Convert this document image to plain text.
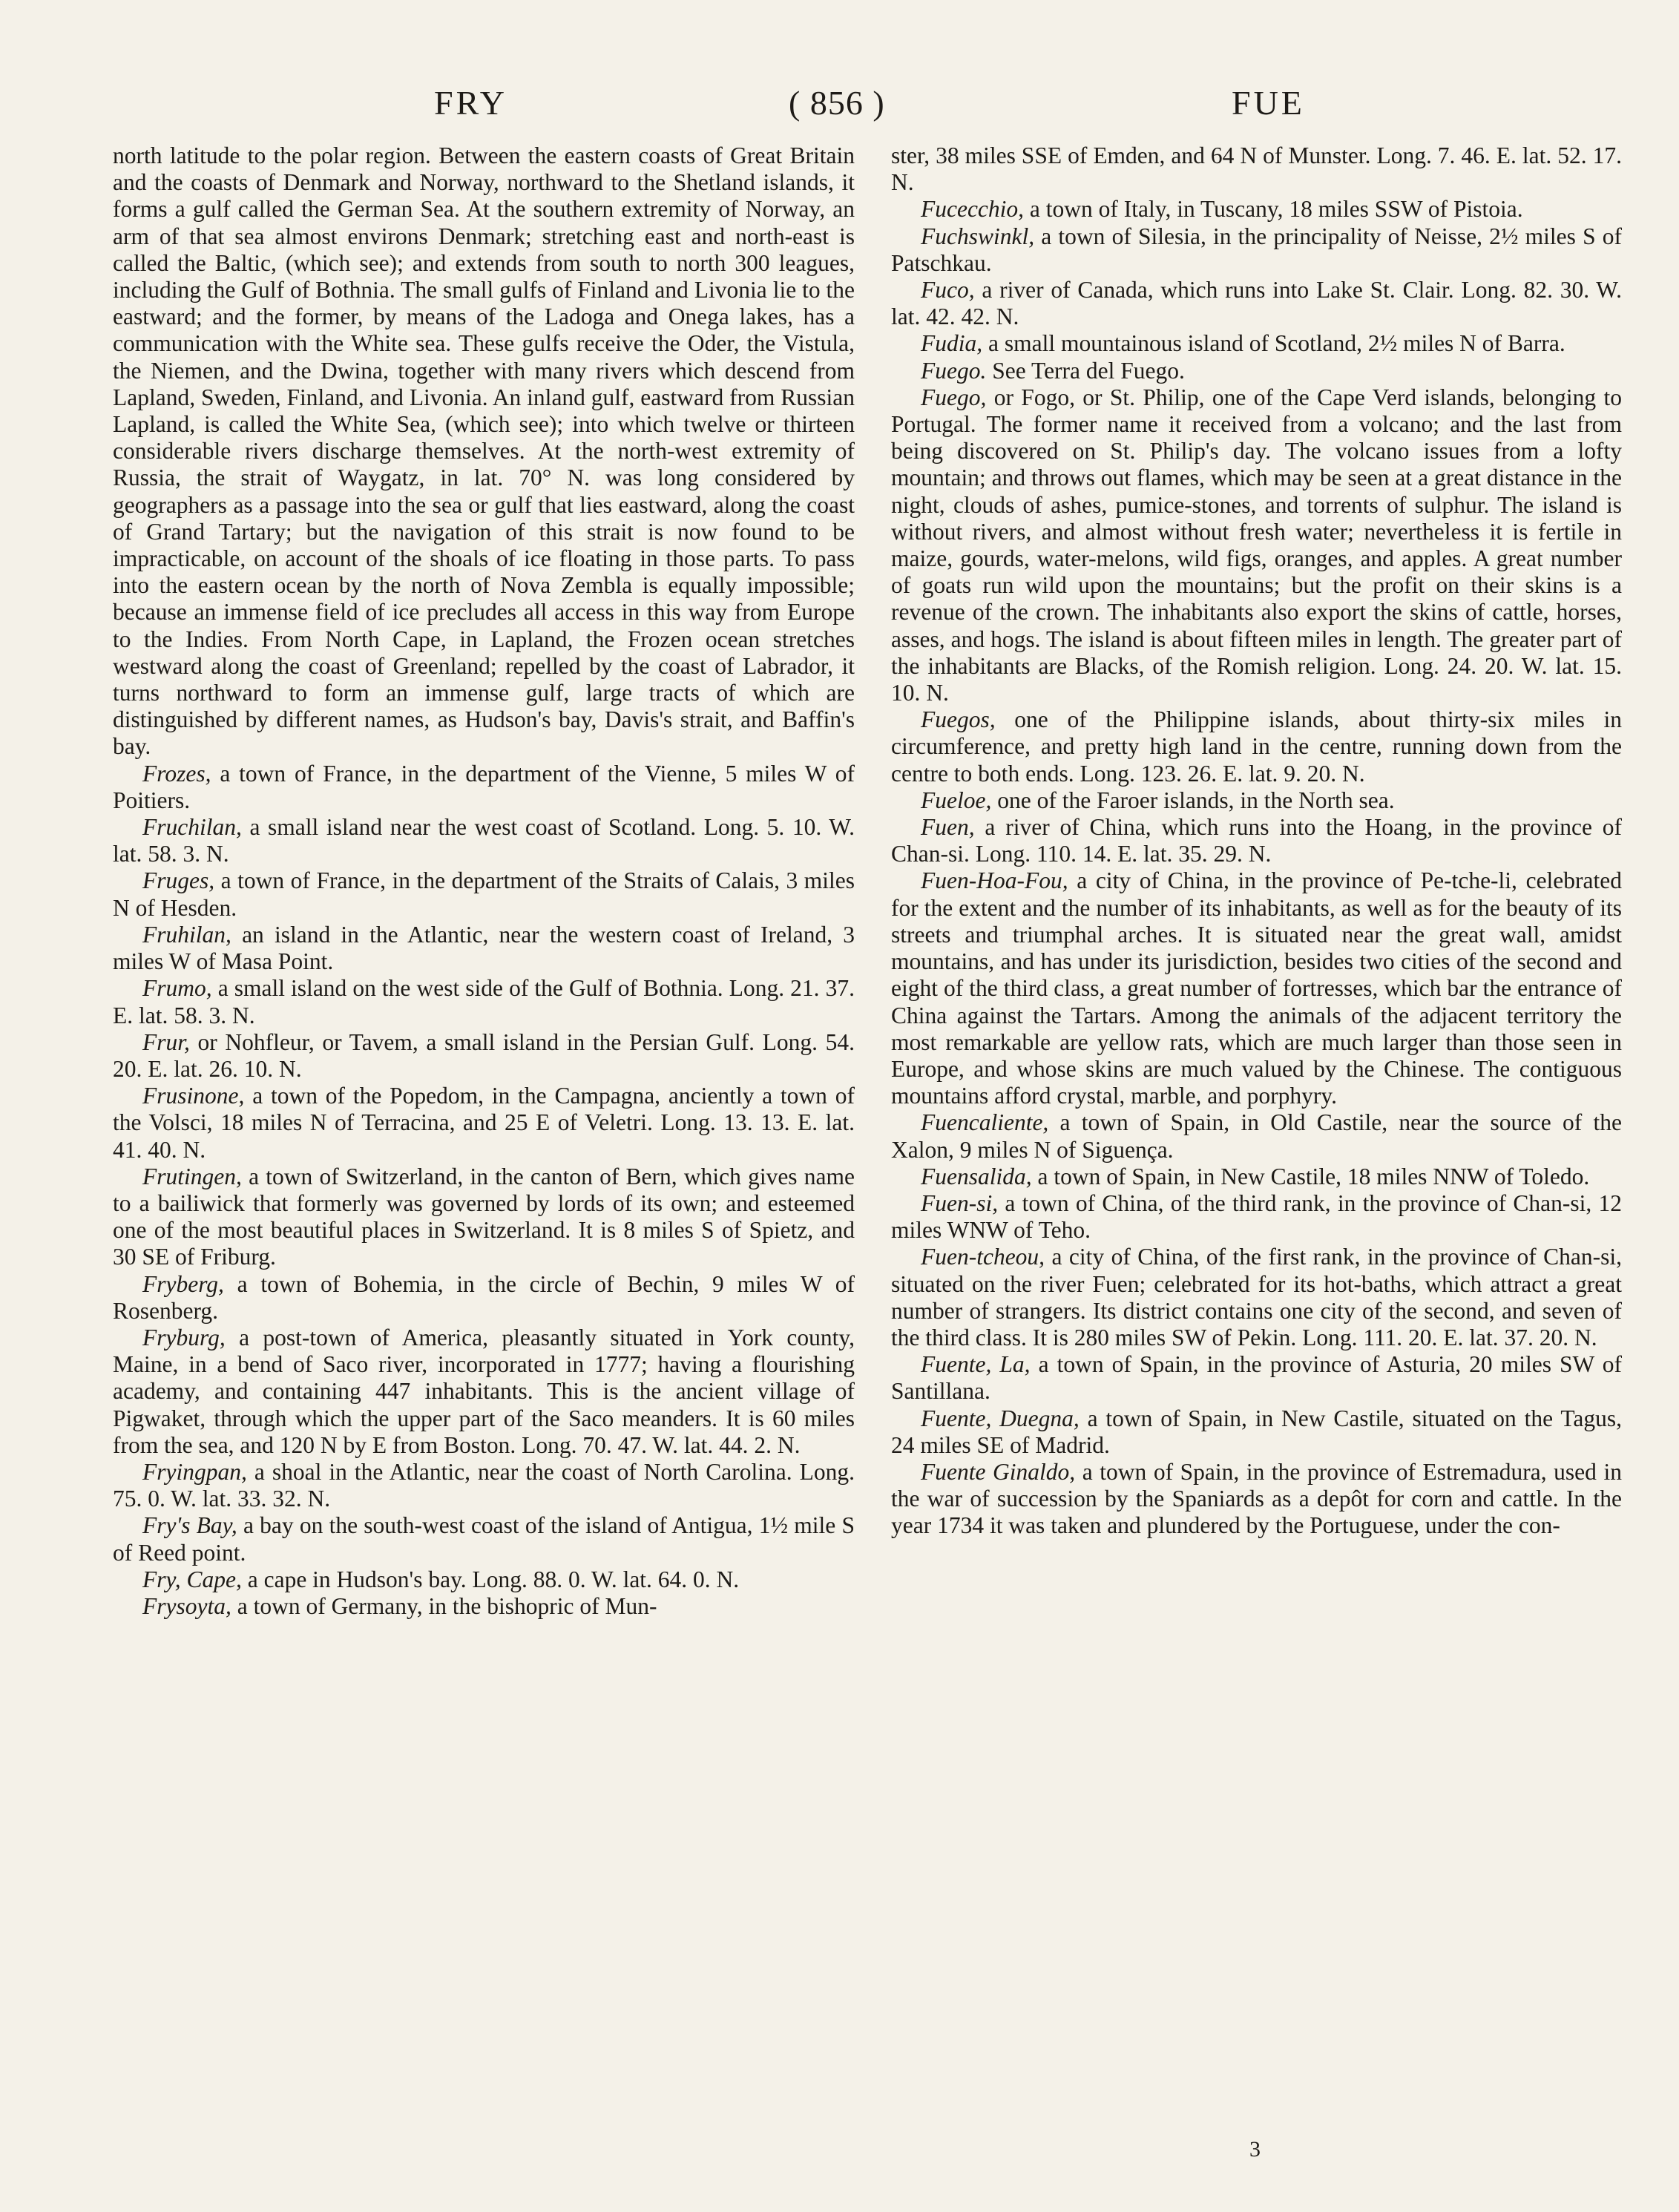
FRY	( 856 )	FUE

north latitude to the polar region. Between the eastern coasts of Great Britain and the coasts of Denmark and Norway, northward to the Shetland islands, it forms a gulf called the German Sea. At the southern extremity of Norway, an arm of that sea almost environs Denmark; stretching east and north-east is called the Baltic, (which see); and extends from south to north 300 leagues, including the Gulf of Bothnia. The small gulfs of Finland and Livonia lie to the eastward; and the former, by means of the Ladoga and Onega lakes, has a communication with the White sea. These gulfs receive the Oder, the Vistula, the Niemen, and the Dwina, together with many rivers which descend from Lapland, Sweden, Finland, and Livonia. An inland gulf, eastward from Russian Lapland, is called the White Sea, (which see); into which twelve or thirteen considerable rivers discharge themselves. At the north-west extremity of Russia, the strait of Waygatz, in lat. 70° N. was long considered by geographers as a passage into the sea or gulf that lies eastward, along the coast of Grand Tartary; but the navigation of this strait is now found to be impracticable, on account of the shoals of ice floating in those parts. To pass into the eastern ocean by the north of Nova Zembla is equally impossible; because an immense field of ice precludes all access in this way from Europe to the Indies. From North Cape, in Lapland, the Frozen ocean stretches westward along the coast of Greenland; repelled by the coast of Labrador, it turns northward to form an immense gulf, large tracts of which are distinguished by different names, as Hudson's bay, Davis's strait, and Baffin's bay.

Frozes, a town of France, in the department of the Vienne, 5 miles W of Poitiers.

Fruchilan, a small island near the west coast of Scotland. Long. 5. 10. W. lat. 58. 3. N.

Fruges, a town of France, in the department of the Straits of Calais, 3 miles N of Hesden.

Fruhilan, an island in the Atlantic, near the western coast of Ireland, 3 miles W of Masa Point.

Frumo, a small island on the west side of the Gulf of Bothnia. Long. 21. 37. E. lat. 58. 3. N.

Frur, or Nohfleur, or Tavem, a small island in the Persian Gulf. Long. 54. 20. E. lat. 26. 10. N.

Frusinone, a town of the Popedom, in the Campagna, anciently a town of the Volsci, 18 miles N of Terracina, and 25 E of Veletri. Long. 13. 13. E. lat. 41. 40. N.

Frutingen, a town of Switzerland, in the canton of Bern, which gives name to a bailiwick that formerly was governed by lords of its own; and esteemed one of the most beautiful places in Switzerland. It is 8 miles S of Spietz, and 30 SE of Friburg.

Fryberg, a town of Bohemia, in the circle of Bechin, 9 miles W of Rosenberg.

Fryburg, a post-town of America, pleasantly situated in York county, Maine, in a bend of Saco river, incorporated in 1777; having a flourishing academy, and containing 447 inhabitants. This is the ancient village of Pigwaket, through which the upper part of the Saco meanders. It is 60 miles from the sea, and 120 N by E from Boston. Long. 70. 47. W. lat. 44. 2. N.

Fryingpan, a shoal in the Atlantic, near the coast of North Carolina. Long. 75. 0. W. lat. 33. 32. N.

Fry's Bay, a bay on the south-west coast of the island of Antigua, 1½ mile S of Reed point.

Fry, Cape, a cape in Hudson's bay. Long. 88. 0. W. lat. 64. 0. N.

Frysoyta, a town of Germany, in the bishopric of Mun-

ster, 38 miles SSE of Emden, and 64 N of Munster. Long. 7. 46. E. lat. 52. 17. N.

Fucecchio, a town of Italy, in Tuscany, 18 miles SSW of Pistoia.

Fuchswinkl, a town of Silesia, in the principality of Neisse, 2½ miles S of Patschkau.

Fuco, a river of Canada, which runs into Lake St. Clair. Long. 82. 30. W. lat. 42. 42. N.

Fudia, a small mountainous island of Scotland, 2½ miles N of Barra.

Fuego. See Terra del Fuego.

Fuego, or Fogo, or St. Philip, one of the Cape Verd islands, belonging to Portugal. The former name it received from a volcano; and the last from being discovered on St. Philip's day. The volcano issues from a lofty mountain; and throws out flames, which may be seen at a great distance in the night, clouds of ashes, pumice-stones, and torrents of sulphur. The island is without rivers, and almost without fresh water; nevertheless it is fertile in maize, gourds, water-melons, wild figs, oranges, and apples. A great number of goats run wild upon the mountains; but the profit on their skins is a revenue of the crown. The inhabitants also export the skins of cattle, horses, asses, and hogs. The island is about fifteen miles in length. The greater part of the inhabitants are Blacks, of the Romish religion. Long. 24. 20. W. lat. 15. 10. N.

Fuegos, one of the Philippine islands, about thirty-six miles in circumference, and pretty high land in the centre, running down from the centre to both ends. Long. 123. 26. E. lat. 9. 20. N.

Fueloe, one of the Faroer islands, in the North sea.

Fuen, a river of China, which runs into the Hoang, in the province of Chan-si. Long. 110. 14. E. lat. 35. 29. N.

Fuen-Hoa-Fou, a city of China, in the province of Pe-tche-li, celebrated for the extent and the number of its inhabitants, as well as for the beauty of its streets and triumphal arches. It is situated near the great wall, amidst mountains, and has under its jurisdiction, besides two cities of the second and eight of the third class, a great number of fortresses, which bar the entrance of China against the Tartars. Among the animals of the adjacent territory the most remarkable are yellow rats, which are much larger than those seen in Europe, and whose skins are much valued by the Chinese. The contiguous mountains afford crystal, marble, and porphyry.

Fuencaliente, a town of Spain, in Old Castile, near the source of the Xalon, 9 miles N of Siguença.

Fuensalida, a town of Spain, in New Castile, 18 miles NNW of Toledo.

Fuen-si, a town of China, of the third rank, in the province of Chan-si, 12 miles WNW of Teho.

Fuen-tcheou, a city of China, of the first rank, in the province of Chan-si, situated on the river Fuen; celebrated for its hot-baths, which attract a great number of strangers. Its district contains one city of the second, and seven of the third class. It is 280 miles SW of Pekin. Long. 111. 20. E. lat. 37. 20. N.

Fuente, La, a town of Spain, in the province of Asturia, 20 miles SW of Santillana.

Fuente, Duegna, a town of Spain, in New Castile, situated on the Tagus, 24 miles SE of Madrid.

Fuente Ginaldo, a town of Spain, in the province of Estremadura, used in the war of succession by the Spaniards as a depôt for corn and cattle. In the year 1734 it was taken and plundered by the Portuguese, under the con-

3
